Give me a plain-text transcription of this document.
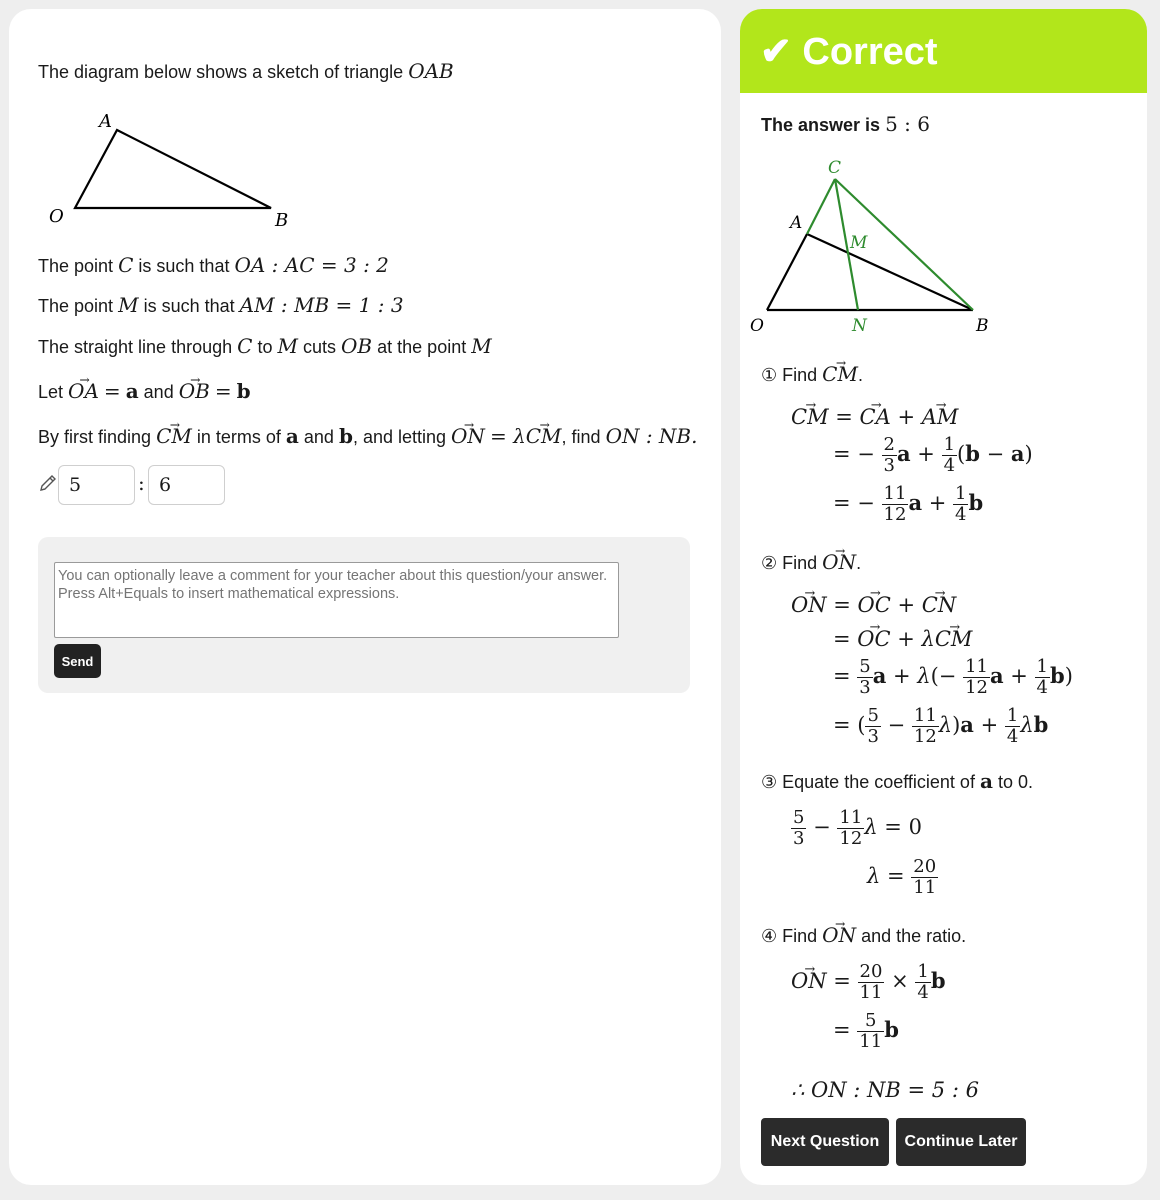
The diagram below shows a sketch of triangle OAB
A
O	B
The point C is such that OA : AC = 3 : 2
The point M is such that AM : MB = 1 : 3
The straight line through C to M cuts OB at the point M
Let → OA = a and → OB = b
By first finding → CM in terms of a and b, and letting → ON = λ→ CM, find ON : NB.
5	: 6
You can optionally leave a comment for your teacher about this question/your answer. Press Alt+Equals to insert mathematical expressions.
Send
✔ Correct
The answer is 5 : 6
C
A
M
O	N	B
① Find → CM.
→ CM = → CA + → AM
= − $\frac{2}{3}$ $a + \frac{1}{4} (b - a)$
= − $\frac{11}{12}$ $a + \frac{1}{4}$ b
② Find → ON.
→ ON = → OC + → CN
= → OC + λ→ CM
= $\frac{5}{3}$ $a + \lambda(- \frac{11}{12}$ $a + \frac{1}{4} b$)
= ( $\frac{5}{3} - \frac{11}{12} \lambda)a + \frac{1}{4}$ λb
③ Equate the coefficient of a to 0.
$\frac{5}{3} - \frac{11}{12}$ λ = 0
$\lambda = \frac{20}{11}$
④ Find → ON and the ratio.
→ ON = $\frac{20}{11} \times \frac{1}{4}$ b
= $\frac{5}{11}$ b
∴ ON : NB = 5 : 6
Next Question	Continue Later
